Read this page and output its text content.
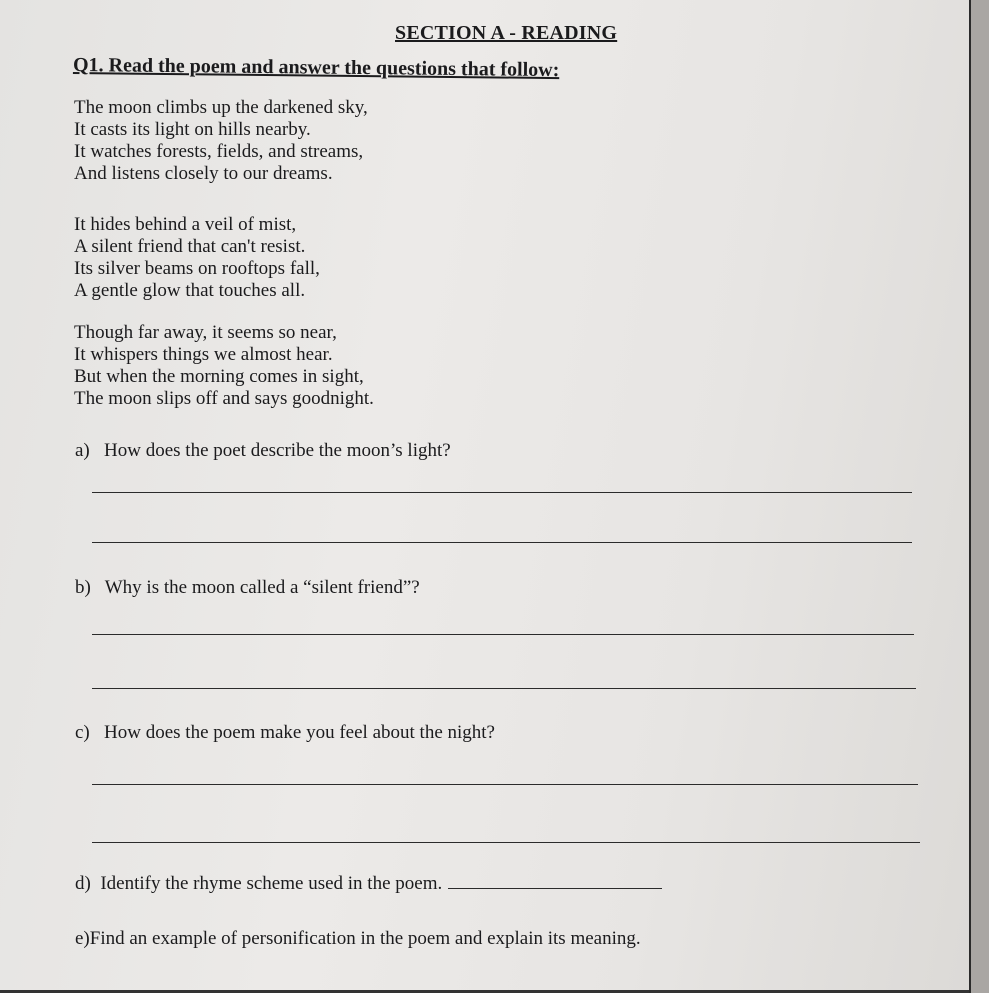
SECTION A - READING
Q1. Read the poem and answer the questions that follow:
The moon climbs up the darkened sky,
It casts its light on hills nearby.
It watches forests, fields, and streams,
And listens closely to our dreams.
It hides behind a veil of mist,
A silent friend that can't resist.
Its silver beams on rooftops fall,
A gentle glow that touches all.
Though far away, it seems so near,
It whispers things we almost hear.
But when the morning comes in sight,
The moon slips off and says goodnight.
a) How does the poet describe the moon’s light?
b) Why is the moon called a “silent friend”?
c) How does the poem make you feel about the night?
d) Identify the rhyme scheme used in the poem.
e)Find an example of personification in the poem and explain its meaning.
